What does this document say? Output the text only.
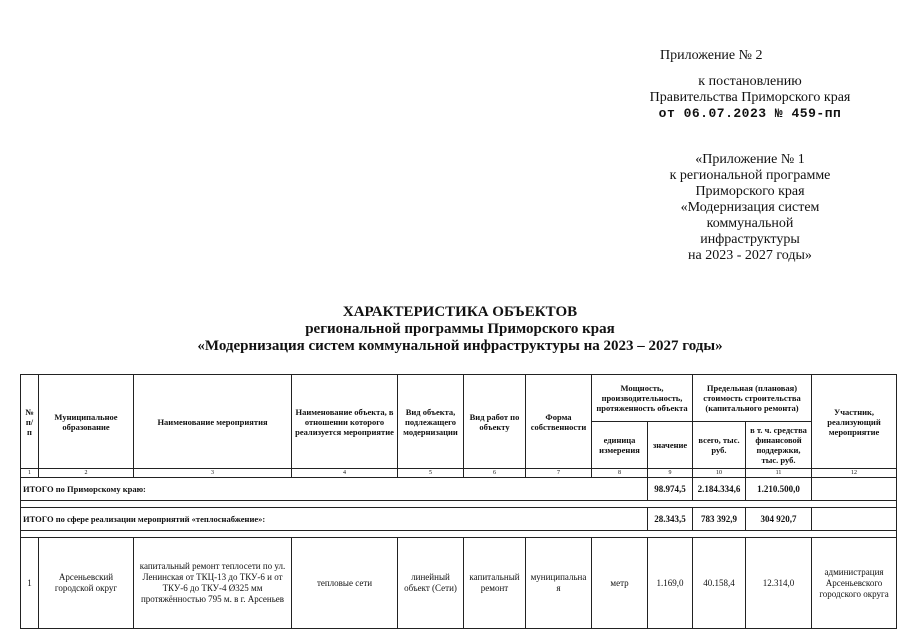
Приложение № 2
к постановлению
Правительства Приморского края
от 06.07.2023 № 459-пп
«Приложение № 1
к региональной программе
Приморского края
«Модернизация систем
коммунальной
инфраструктуры
на 2023 - 2027 годы»
ХАРАКТЕРИСТИКА ОБЪЕКТОВ
региональной программы Приморского края
«Модернизация систем коммунальной инфраструктуры на 2023 – 2027 годы»
№ п/ п	Муниципальное образование	Наименование мероприятия	Наименование объекта, в отношении которого реализуется мероприятие	Вид объекта, подлежащего модернизации	Вид работ по объекту	Форма собственности	Мощность, производительность, протяженность объекта		Предельная (плановая) стоимость строительства (капитального ремонта)		Участник, реализующий мероприятие
							единица измерения	значение	всего, тыс. руб.	в т. ч. средства финансовой поддержки, тыс. руб.	
1	2	3	4	5	6	7	8	9	10	11	12
ИТОГО по Приморскому краю:								98.974,5	2.184.334,6	1.210.500,0	

ИТОГО по сфере реализации мероприятий «теплоснабжение»:								28.343,5	783 392,9	304 920,7	

1	Арсеньевский городской округ	капитальный ремонт теплосети по ул. Ленинская от ТКЦ-13 до ТКУ-6 и от ТКУ-6 до ТКУ-4 Ø325 мм протяжённостью 795 м. в г. Арсеньев	тепловые сети	линейный объект (Сети)	капитальный ремонт	муниципальна я	метр	1.169,0	40.158,4	12.314,0	администрация Арсеньевского городского округа
